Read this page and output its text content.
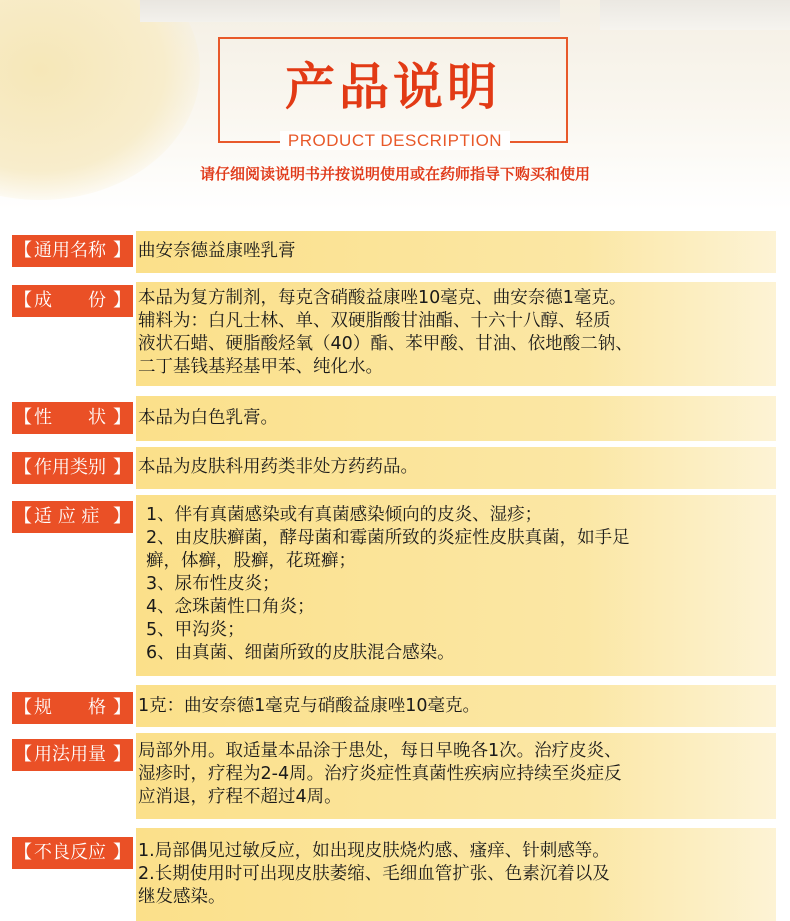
产品说明
PRODUCT DESCRIPTION
请仔细阅读说明书并按说明使用或在药师指导下购买和使用
【 通用名称 】 曲安奈德益康唑乳膏
【 成　　份 】 本品为复方制剂，每克含硝酸益康唑10毫克、曲安奈德1毫克。
辅料为：白凡士林、单、双硬脂酸甘油酯、十六十八醇、轻质
液状石蜡、硬脂酸烃氧（40）酯、苯甲酸、甘油、依地酸二钠、
二丁基钱基羟基甲苯、纯化水。
【 性　　状 】 本品为白色乳膏。
【 作用类别 】 本品为皮肤科用药类非处方药药品。
【 适 应 症 】 1、伴有真菌感染或有真菌感染倾向的皮炎、湿疹；
2、由皮肤癣菌，酵母菌和霉菌所致的炎症性皮肤真菌，如手足
癣，体癣，股癣，花斑癣；
3、尿布性皮炎；
4、念珠菌性口角炎；
5、甲沟炎；
6、由真菌、细菌所致的皮肤混合感染。
【 规　　格 】 1克：曲安奈德1毫克与硝酸益康唑10毫克。
【 用法用量 】 局部外用。取适量本品涂于患处，每日早晚各1次。治疗皮炎、
湿疹时，疗程为2-4周。治疗炎症性真菌性疾病应持续至炎症反
应消退，疗程不超过4周。
【 不良反应 】 1.局部偶见过敏反应，如出现皮肤烧灼感、瘙痒、针刺感等。
2.长期使用时可出现皮肤萎缩、毛细血管扩张、色素沉着以及
继发感染。
